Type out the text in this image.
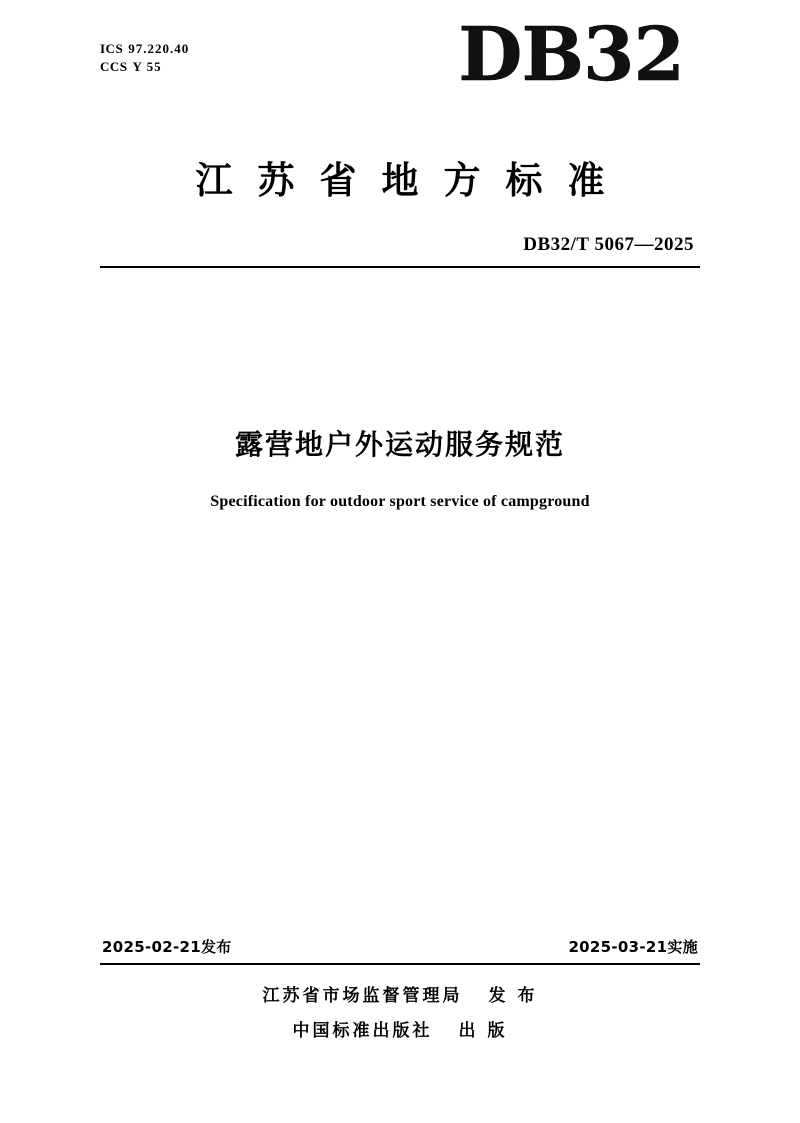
ICS 97.220.40
CCS Y 55	DB32
江苏省地方标准
DB32/T 5067—2025
露营地户外运动服务规范
Specification for outdoor sport service of campground
2025-02-21发布	2025-03-21实施
江苏省市场监督管理局 发 布
中国标准出版社 出 版
